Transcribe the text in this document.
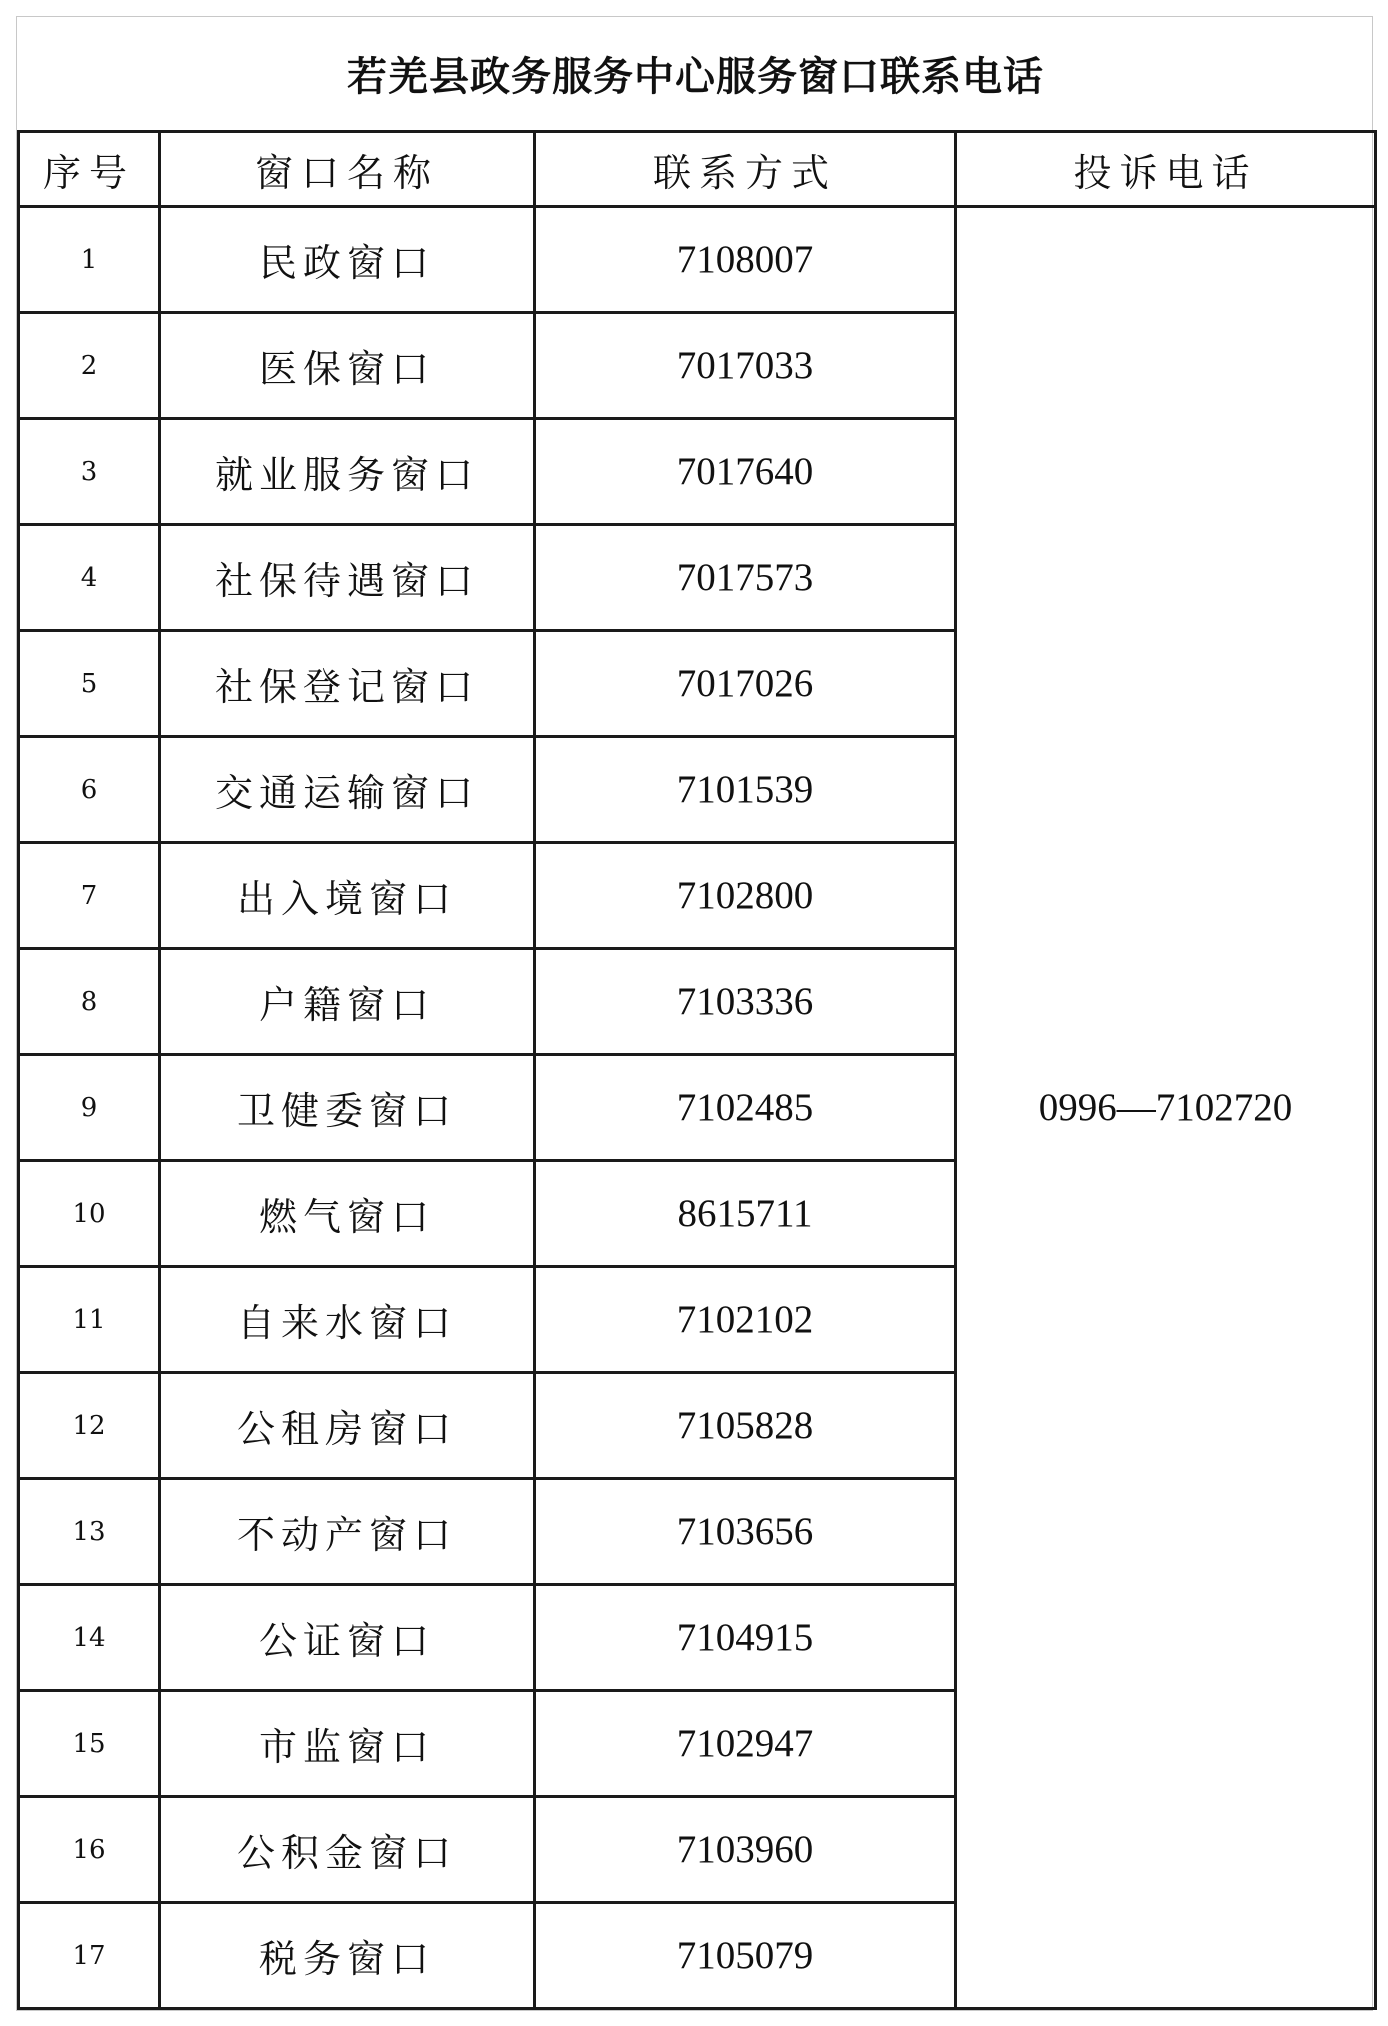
若羌县政务服务中心服务窗口联系电话
序号	窗口名称	联系方式	投诉电话
1	民政窗口	7108007	0996—7102720
2	医保窗口	7017033	
3	就业服务窗口	7017640	
4	社保待遇窗口	7017573	
5	社保登记窗口	7017026	
6	交通运输窗口	7101539	
7	出入境窗口	7102800	
8	户籍窗口	7103336	
9	卫健委窗口	7102485	
10	燃气窗口	8615711	
11	自来水窗口	7102102	
12	公租房窗口	7105828	
13	不动产窗口	7103656	
14	公证窗口	7104915	
15	市监窗口	7102947	
16	公积金窗口	7103960	
17	税务窗口	7105079	
